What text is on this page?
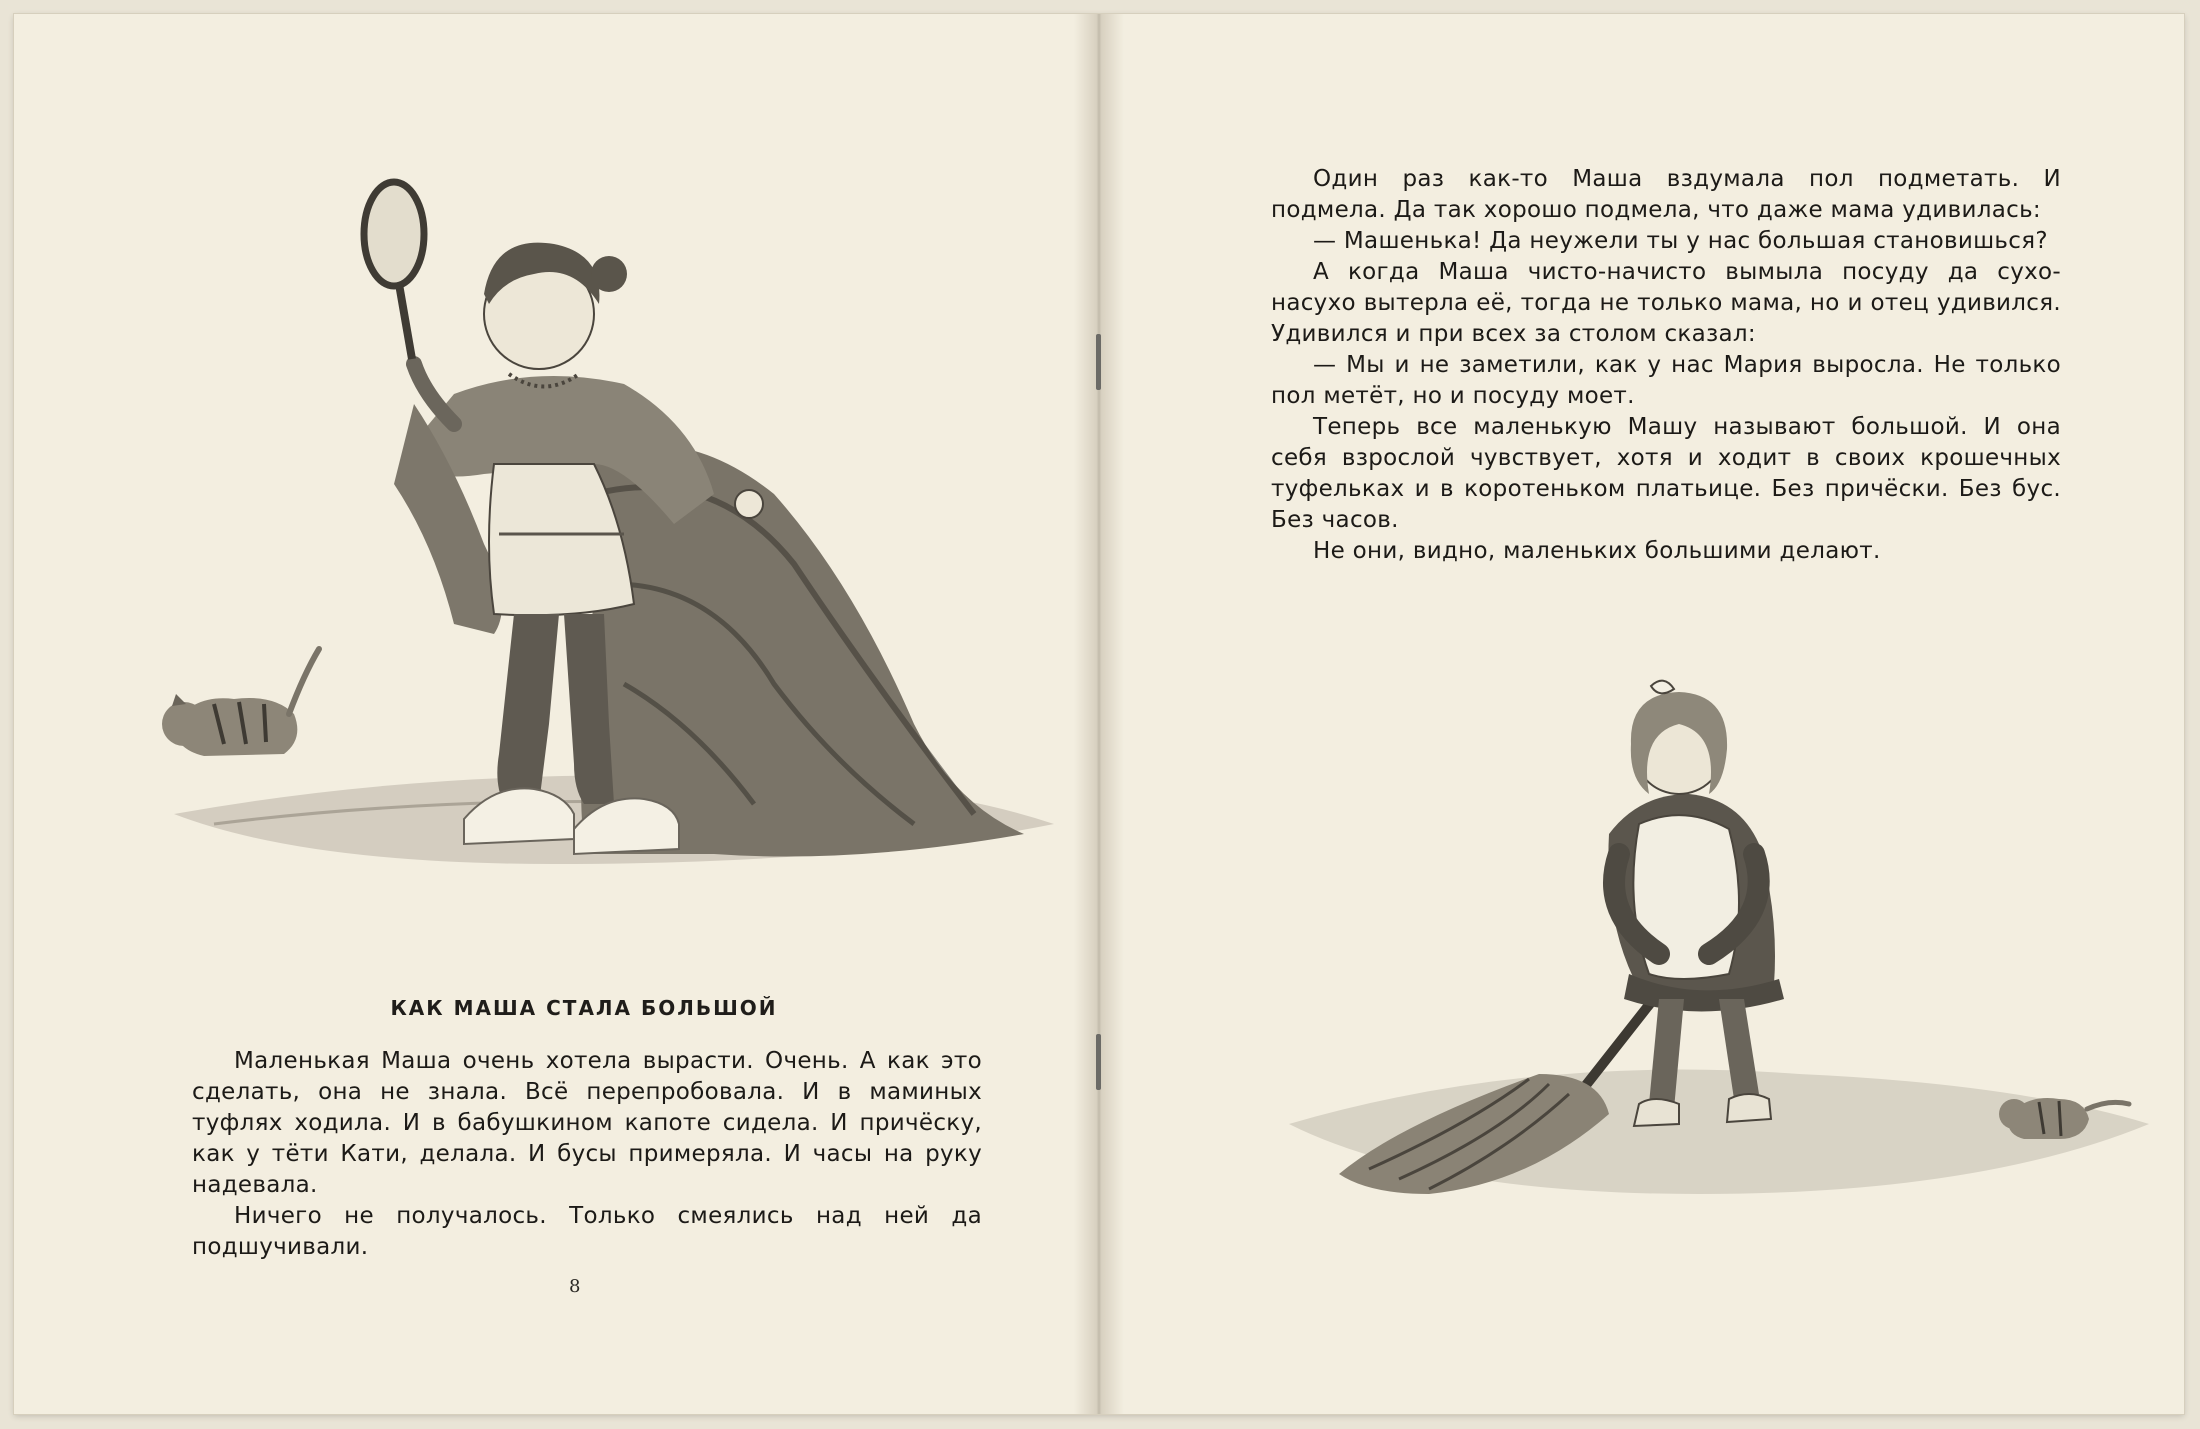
КАК МАША СТАЛА БОЛЬШОЙ

Маленькая Маша очень хотела вырасти. Очень. А как это сделать, она не знала. Всё перепробовала. И в маминых туфлях ходила. И в бабушкином капоте сидела. И причёску, как у тёти Кати, делала. И бусы примеряла. И часы на руку надевала.

Ничего не получалось. Только смеялись над ней да подшучивали.

8

Один раз как-то Маша вздумала пол подметать. И подмела. Да так хорошо подмела, что даже мама удивилась:

— Машенька! Да неужели ты у нас большая становишься?

А когда Маша чисто-начисто вымыла посуду да сухо-насухо вытерла её, тогда не только мама, но и отец удивился. Удивился и при всех за столом сказал:

— Мы и не заметили, как у нас Мария выросла. Не только пол метёт, но и посуду моет.

Теперь все маленькую Машу называют большой. И она себя взрослой чувствует, хотя и ходит в своих крошечных туфельках и в коротеньком платьице. Без причёски. Без бус. Без часов.

Не они, видно, маленьких большими делают.
